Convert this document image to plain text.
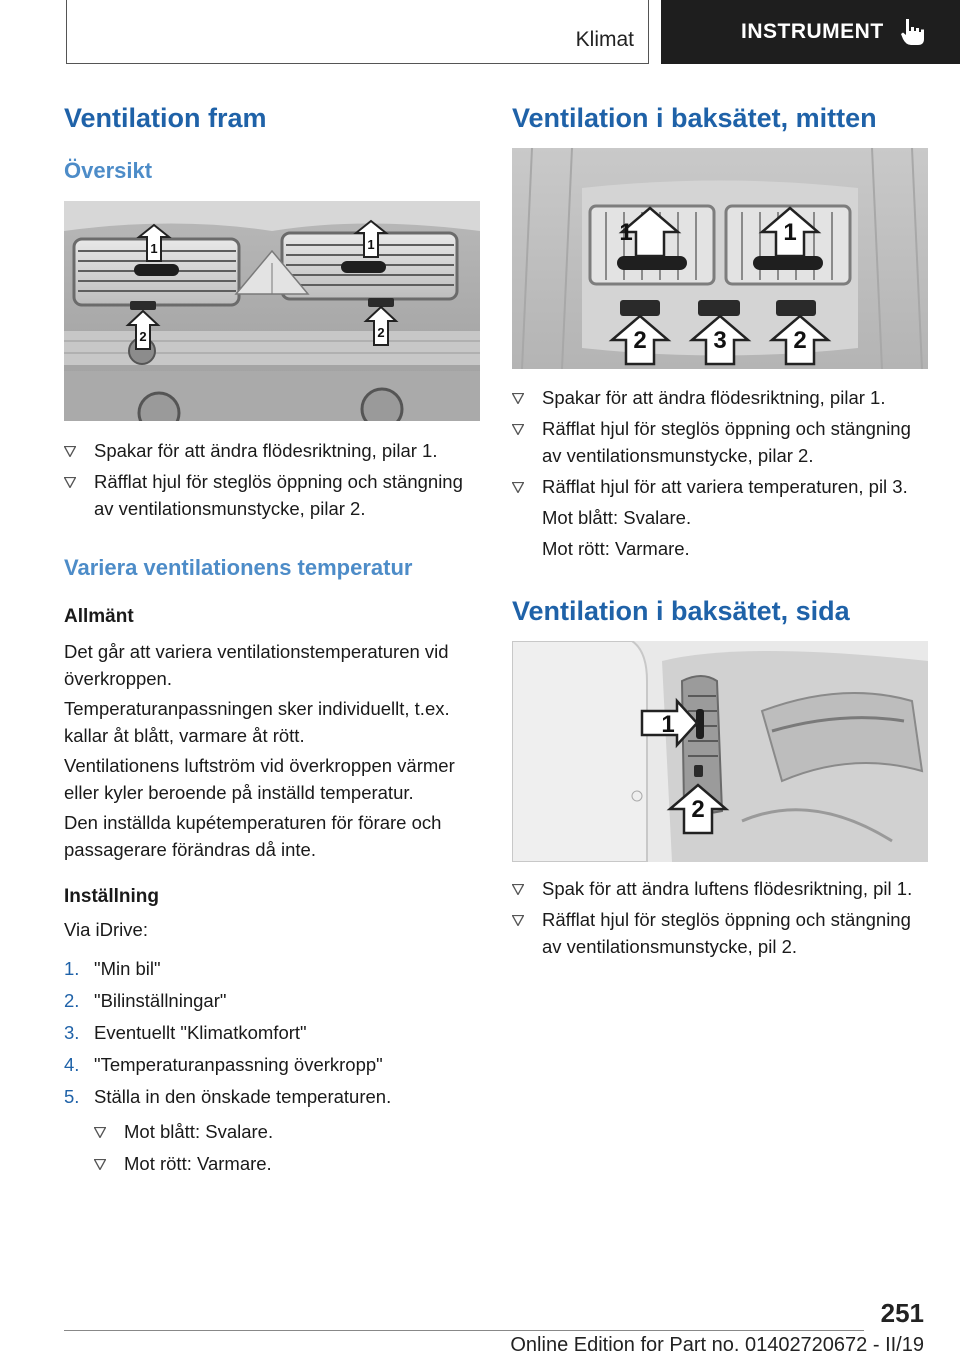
Klimat	INSTRUMENT
Ventilation fram
Översikt
1	1
2	2
Spakar för att ändra flödesriktning, pilar 1.
Räfflat hjul för steglös öppning och stängning
av ventilationsmunstycke, pilar 2.
Variera ventilationens temperatur
Allmänt
Det går att variera ventilationstemperaturen vid
överkroppen.
Temperaturanpassningen sker individuellt, t.ex.
kallar åt blått, varmare åt rött.
Ventilationens luftström vid överkroppen värmer
eller kyler beroende på inställd temperatur.
Den inställda kupétemperaturen för förare och
passagerare förändras då inte.
Inställning
Via iDrive:
1. "Min bil"
2. "Bilinställningar"
3. Eventuellt "Klimatkomfort"
4. "Temperaturanpassning överkropp"
5. Ställa in den önskade temperaturen.
Mot blått: Svalare.
Mot rött: Varmare.
Ventilation i baksätet, mitten
1	1
2	3	2
Spakar för att ändra flödesriktning, pilar 1.
Räfflat hjul för steglös öppning och stängning
av ventilationsmunstycke, pilar 2.
Räfflat hjul för att variera temperaturen, pil 3.
Mot blått: Svalare.
Mot rött: Varmare.
Ventilation i baksätet, sida
1
2
Spak för att ändra luftens flödesriktning, pil 1.
Räfflat hjul för steglös öppning och stängning
av ventilationsmunstycke, pil 2.
251
Online Edition for Part no. 01402720672 - II/19
